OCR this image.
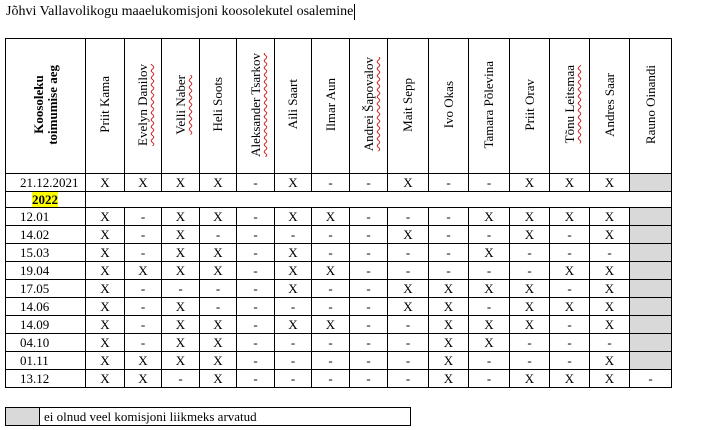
Jõhvi Vallavolikogu maaelukomisjoni koosolekutel osalemine
Koosoleku
toimumise aeg	Priit Kama	Evelyn Danilov	Velli Naber	Heli Soots	Aleksander Tsarkov	Aili Saart	Ilmar Aun	Andrei Šapovalov	Mait Sepp	Ivo Okas	Tamara Põlevina	Priit Orav	Tõnu Leitsmaa	Andres Saar	Rauno Oinandi
21.12.2021	X	X	X	X	-	X	-	-	X	-	-	X	X	X	
2022															
12.01	X	-	X	X	-	X	X	-	-	-	X	X	X	X	
14.02	X	-	X	-	-	-	-	-	X	-	-	X	-	X	
15.03	X	-	X	X	-	X	-	-	-	-	X	-	-	-	
19.04	X	X	X	X	-	X	X	-	-	-	-	-	X	X	
17.05	X	-	-	-	-	X	-	-	X	X	X	X	-	X	
14.06	X	-	X	-	-	-	-	-	X	X	-	X	X	X	
14.09	X	-	X	X	-	X	X	-	-	X	X	X	-	X	
04.10	X	-	X	X	-	-	-	-	-	X	X	-	-	-	
01.11	X	X	X	X	-	-	-	-	-	X	-	-	-	X	
13.12	X	X	-	X	-	-	-	-	-	X	-	X	X	X	-
	ei olnud veel komisjoni liikmeks arvatud
